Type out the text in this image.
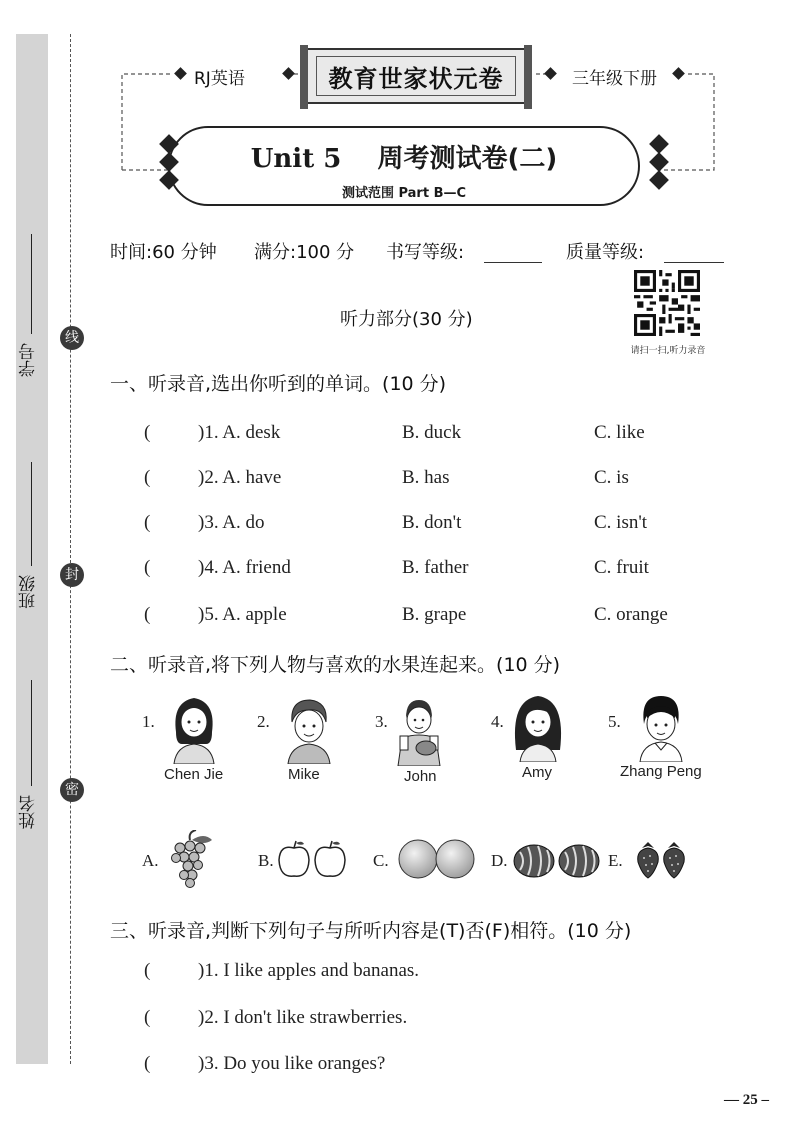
学号
班级
姓名
线
封
密
RJ英语	教育世家状元卷	三年级下册
Unit 5 周考测试卷(二)
测试范围 Part B—C
时间:60 分钟 满分:100 分 书写等级:	质量等级:
请扫一扫,听力录音
听力部分(30 分)
一、听录音,选出你听到的单词。(10 分)
(	)1. A. desk	B. duck	C. like
(	)2. A. have	B. has	C. is
(	)3. A. do	B. don't	C. isn't
(	)4. A. friend	B. father	C. fruit
(	)5. A. apple	B. grape	C. orange
二、听录音,将下列人物与喜欢的水果连起来。(10 分)
1.
Chen Jie
2.
Mike
3.
John
4.
Amy
5.
Zhang Peng
A.	B.	C.	D.	E.
三、听录音,判断下列句子与所听内容是(T)否(F)相符。(10 分)
(	)1. I like apples and bananas.
(	)2. I don't like strawberries.
(	)3. Do you like oranges?
— 25 –
